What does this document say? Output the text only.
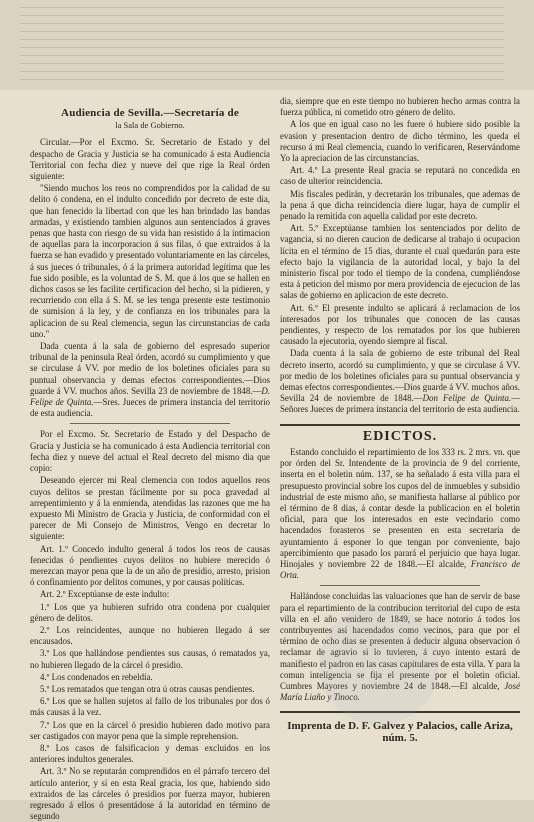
Audiencia de Sevilla.—Secretaría de
la Sala de Gobierno.

Circular.—Por el Excmo. Sr. Secretario de Estado y del despacho de Gracia y Justicia se ha comunicado á esta Audiencia Territorial con fecha diez y nueve del que rige la Real órden siguiente:

"Siendo muchos los reos no comprendidos por la calidad de su delito ó condena, en el indulto concedido por decreto de este dia, que han fenecido la libertad con que les han brindado las bandas armadas, y existiendo tambien algunos aun sentenciados á graves penas que hasta con riesgo de su vida han resistido á la intimacion de aquellas para la incorporacion á sus filas, ó que extraidos á la fuerza se han evadido y presentado voluntariamente en las cárceles, á sus jueces ó tribunales, ó á la primera autoridad legítima que les fue sido posible, es la voluntad de S. M. que á los que se hallen en dichos casos se les facilite certificacion del hecho, si la pidieren, y recurriendo con ella á S. M. se les tenga presente este testimonio de sumision á la ley, y de confianza en los tribunales para la aplicacion de su Real clemencia, segun las circunstancias de cada uno."

Dada cuenta á la sala de gobierno del espresado superior tribunal de la peninsula Real órden, acordó su cumplimiento y que se circulase á VV. por medio de los boletines oficiales para su puntual observancia y demas efectos correspondientes.—Dios guarde á VV. muchos años. Sevilla 23 de noviembre de 1848.—D. Felipe de Quinta.—Sres. Jueces de primera instancia del territorio de esta audiencia.

Por el Excmo. Sr. Secretario de Estado y del Despacho de Gracia y Justicia se ha comunicado á esta Audiencia territorial con fecha diez y nueve del actual el Real decreto del mismo dia que copio:

Deseando ejercer mi Real clemencia con todos aquellos reos cuyos delitos se prestan fácilmente por su poca gravedad al arrepentimiento y á la enmienda, atendidas las razones que me ha expuesto Mi Ministro de Gracia y Justicia, de conformidad con el parecer de Mi Consejo de Ministros, Vengo en decretar lo siguiente:

Art. 1.º Concedo indulto general á todos los reos de causas fenecidas ó pendientes cuyos delitos no hubiere merecido ó merezcan mayor pena que la de un año de presidio, arresto, prision ó confinamiento por delitos comunes, y por causas políticas.

Art. 2.º Exceptúanse de este indulto:

1.º Los que ya hubieren sufrido otra condena por cualquier género de delitos.

2.º Los reincidentes, aunque no hubieren llegado á ser encausados.

3.º Los que hallándose pendientes sus causas, ó rematados ya, no hubieren llegado de la cárcel ó presidio.

4.º Los condenados en rebeldía.

5.º Los rematados que tengan otra ú otras causas pendientes.

6.º Los que se hallen sujetos al fallo de los tribunales por dos ó más causas á la vez.

7.º Los que en la cárcel ó presidio hubieren dado motivo para ser castigados con mayor pena que la simple reprehension.

8.º Los casos de falsificacion y demas excluidos en los anteriores indultos generales.

Art. 3.º No se reputarán comprendidos en el párrafo tercero del artículo anterior, y sí en esta Real gracia, los que, habiendo sido extraidos de las cárceles ó presidios por fuerza mayor, hubieren regresado á ellos ó presentádose á la autoridad en término de segundo

dia, siempre que en este tiempo no hubieren hecho armas contra la fuerza pública, ni cometido otro género de delito.

A los que en igual caso no les fuere ó hubiere sido posible la evasion y presentacion dentro de dicho término, les queda el recurso á mi Real clemencia, cuando lo verificaren, Reservándome Yo la apreciacion de las circunstancias.

Art. 4.º La presente Real gracia se reputará no concedida en caso de ulterior reincidencia.

Mis fiscales pedirán, y decretarán los tribunales, que ademas de la pena á que dicha reincidencia diere lugar, haya de cumplir el penado la remitida con aquella calidad por este decreto.

Art. 5.º Exceptúanse tambien los sentenciados por delito de vagancia, si no dieren caucion de dedicarse al trabajo ú ocupacion lícita en el término de 15 dias, durante el cual quedarán para este efecto bajo la vigilancia de la autoridad local, y bajo la del ministerio fiscal por todo el tiempo de la condena, cumpliéndose esta á peticion del mismo por mera providencia de ejecucion de las salas de gobierno en aplicacion de este decreto.

Art. 6.º El presente indulto se aplicará á reclamacion de los interesados por los tribunales que conocen de las causas pendientes, y respecto de los rematados por los que hubieren causado la ejecutoria, oyendo siempre al fiscal.

Dada cuenta á la sala de gobierno de este tribunal del Real decreto inserto, acordó su cumplimiento, y que se circulase á VV. por medio de los boletines oficiales para su puntual observancia y demas efectos correspondientes.—Dios guarde á VV. muchos años. Sevilla 24 de noviembre de 1848.—Don Felipe de Quinta.—Señores Jueces de primera instancia del territorio de esta audiencia.

EDICTOS.

Estando concluido el repartimiento de los 333 rs. 2 mrs. vn. que por órden del Sr. Intendente de la provincia de 9 del corriente, inserta en el boletin núm. 137, se ha señalado á esta villa para el presupuesto provincial sobre los cupos del de inmuebles y subsidio industrial de este mismo año, se manifiesta hallarse al público por el término de 8 dias, á contar desde la publicacion en el boletin oficial, para que los interesados en este vecindario como hacendados forasteros se presenten en esta secretaría de ayuntamiento á esponer lo que tengan por conveniente, bajo apercibimiento que pasado los parará el perjuicio que haya lugar. Hinojales y noviembre 22 de 1848.—El alcalde, Francisco de Orta.

Hallándose concluidas las valuaciones que han de servir de base para el repartimiento de la contribucion territorial del cupo de esta villa en el año venidero de 1849, se hace notorio á todos los contribuyentes así hacendados como vecinos, para que por el término de ocho dias se presenten á deducir alguna observacion ó reclamar de agravio si lo tuvieren, á cuyo intento estará de manifiesto el padron en las casas capitulares de esta villa. Y para la comun inteligencia se fija el presente por el boletin oficial. Cumbres Mayores y noviembre 24 de 1848.—El alcalde, José María Liaño y Tinoco.

Imprenta de D. F. Galvez y Palacios, calle Ariza, núm. 5.
